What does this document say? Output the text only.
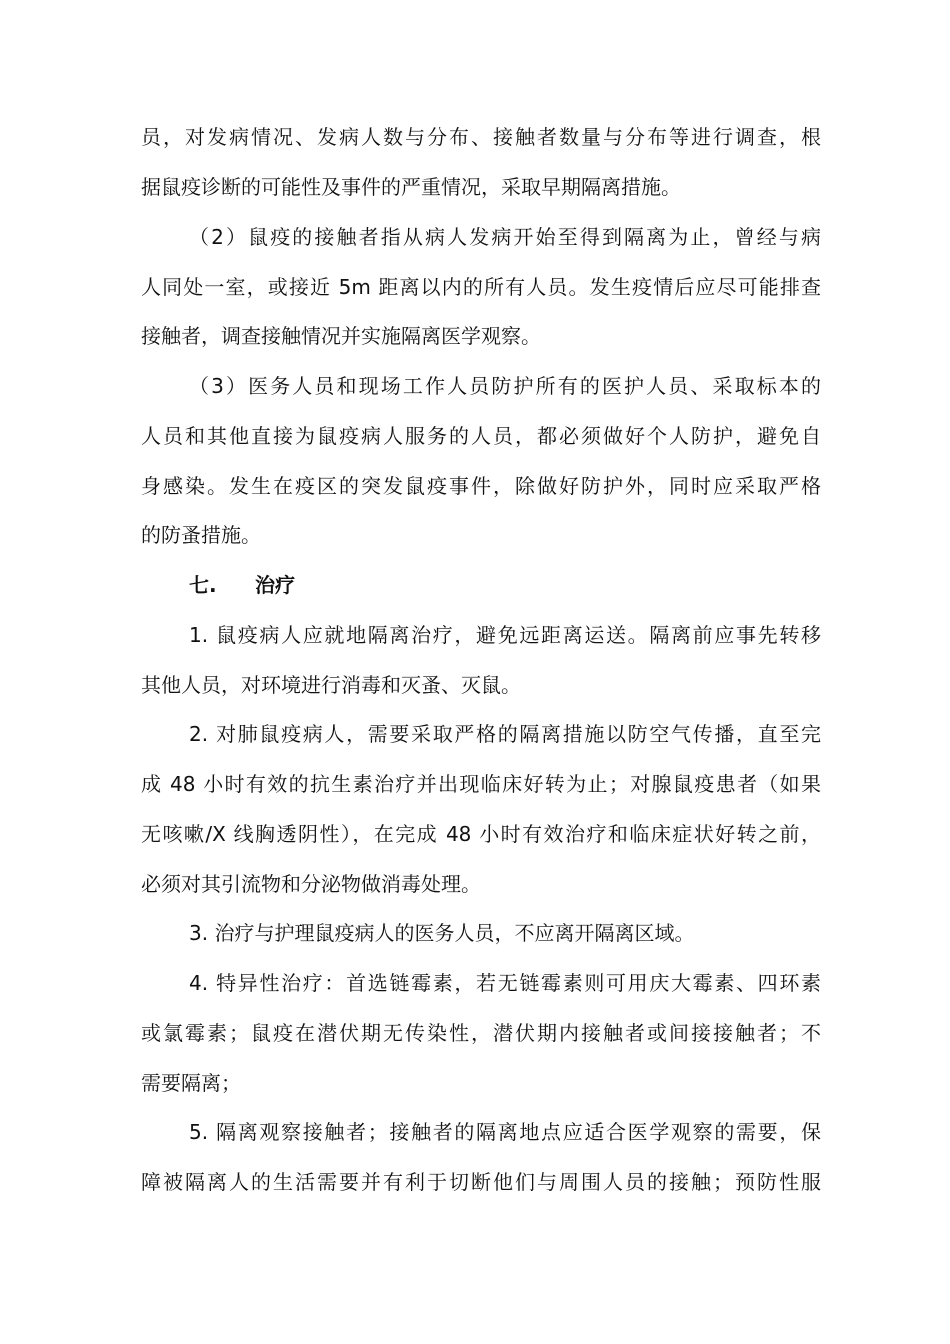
员，对发病情况、发病人数与分布、接触者数量与分布等进行调查，根
据鼠疫诊断的可能性及事件的严重情况，采取早期隔离措施。
（2）鼠疫的接触者指从病人发病开始至得到隔离为止，曾经与病
人同处一室，或接近 5m 距离以内的所有人员。发生疫情后应尽可能排查
接触者，调查接触情况并实施隔离医学观察。
（3）医务人员和现场工作人员防护所有的医护人员、采取标本的
人员和其他直接为鼠疫病人服务的人员，都必须做好个人防护，避免自
身感染。发生在疫区的突发鼠疫事件，除做好防护外，同时应采取严格
的防蚤措施。
七. 治疗
1. 鼠疫病人应就地隔离治疗，避免远距离运送。隔离前应事先转移
其他人员，对环境进行消毒和灭蚤、灭鼠。
2. 对肺鼠疫病人，需要采取严格的隔离措施以防空气传播，直至完
成 48 小时有效的抗生素治疗并出现临床好转为止；对腺鼠疫患者（如果
无咳嗽/X 线胸透阴性），在完成 48 小时有效治疗和临床症状好转之前，
必须对其引流物和分泌物做消毒处理。
3. 治疗与护理鼠疫病人的医务人员，不应离开隔离区域。
4. 特异性治疗：首选链霉素，若无链霉素则可用庆大霉素、四环素
或氯霉素；鼠疫在潜伏期无传染性，潜伏期内接触者或间接接触者；不
需要隔离；
5. 隔离观察接触者；接触者的隔离地点应适合医学观察的需要，保
障被隔离人的生活需要并有利于切断他们与周围人员的接触；预防性服
